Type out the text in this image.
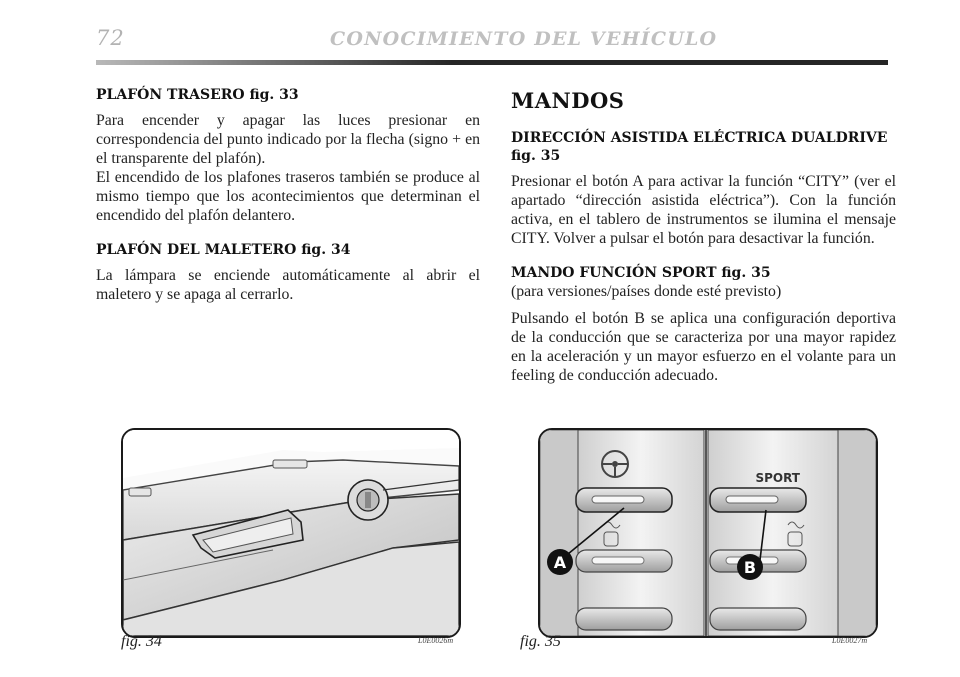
72	CONOCIMIENTO DEL VEHÍCULO
PLAFÓN TRASERO fig. 33

Para encender y apagar las luces presionar en correspondencia del punto indicado por la flecha (signo + en el transparente del plafón).

El encendido de los plafones traseros también se produce al mismo tiempo que los acontecimientos que determinan el encendido del plafón delantero.

PLAFÓN DEL MALETERO fig. 34

La lámpara se enciende automáticamente al abrir el maletero y se apaga al cerrarlo.

MANDOS
DIRECCIÓN ASISTIDA ELÉCTRICA DUALDRIVE fig. 35

Presionar el botón A para activar la función “CITY” (ver el apartado “dirección asistida eléctrica”). Con la función activa, en el tablero de instrumentos se ilumina el mensaje CITY. Volver a pulsar el botón para desactivar la función.

MANDO FUNCIÓN SPORT fig. 35

(para versiones/países donde esté previsto)

Pulsando el botón B se aplica una configuración deportiva de la conducción que se caracteriza por una mayor rapidez en la aceleración y un mayor esfuerzo en el volante para un feeling de conducción adecuado.

fig. 34	L0E0026m
SPORT
A	B
fig. 35	L0E0027m
